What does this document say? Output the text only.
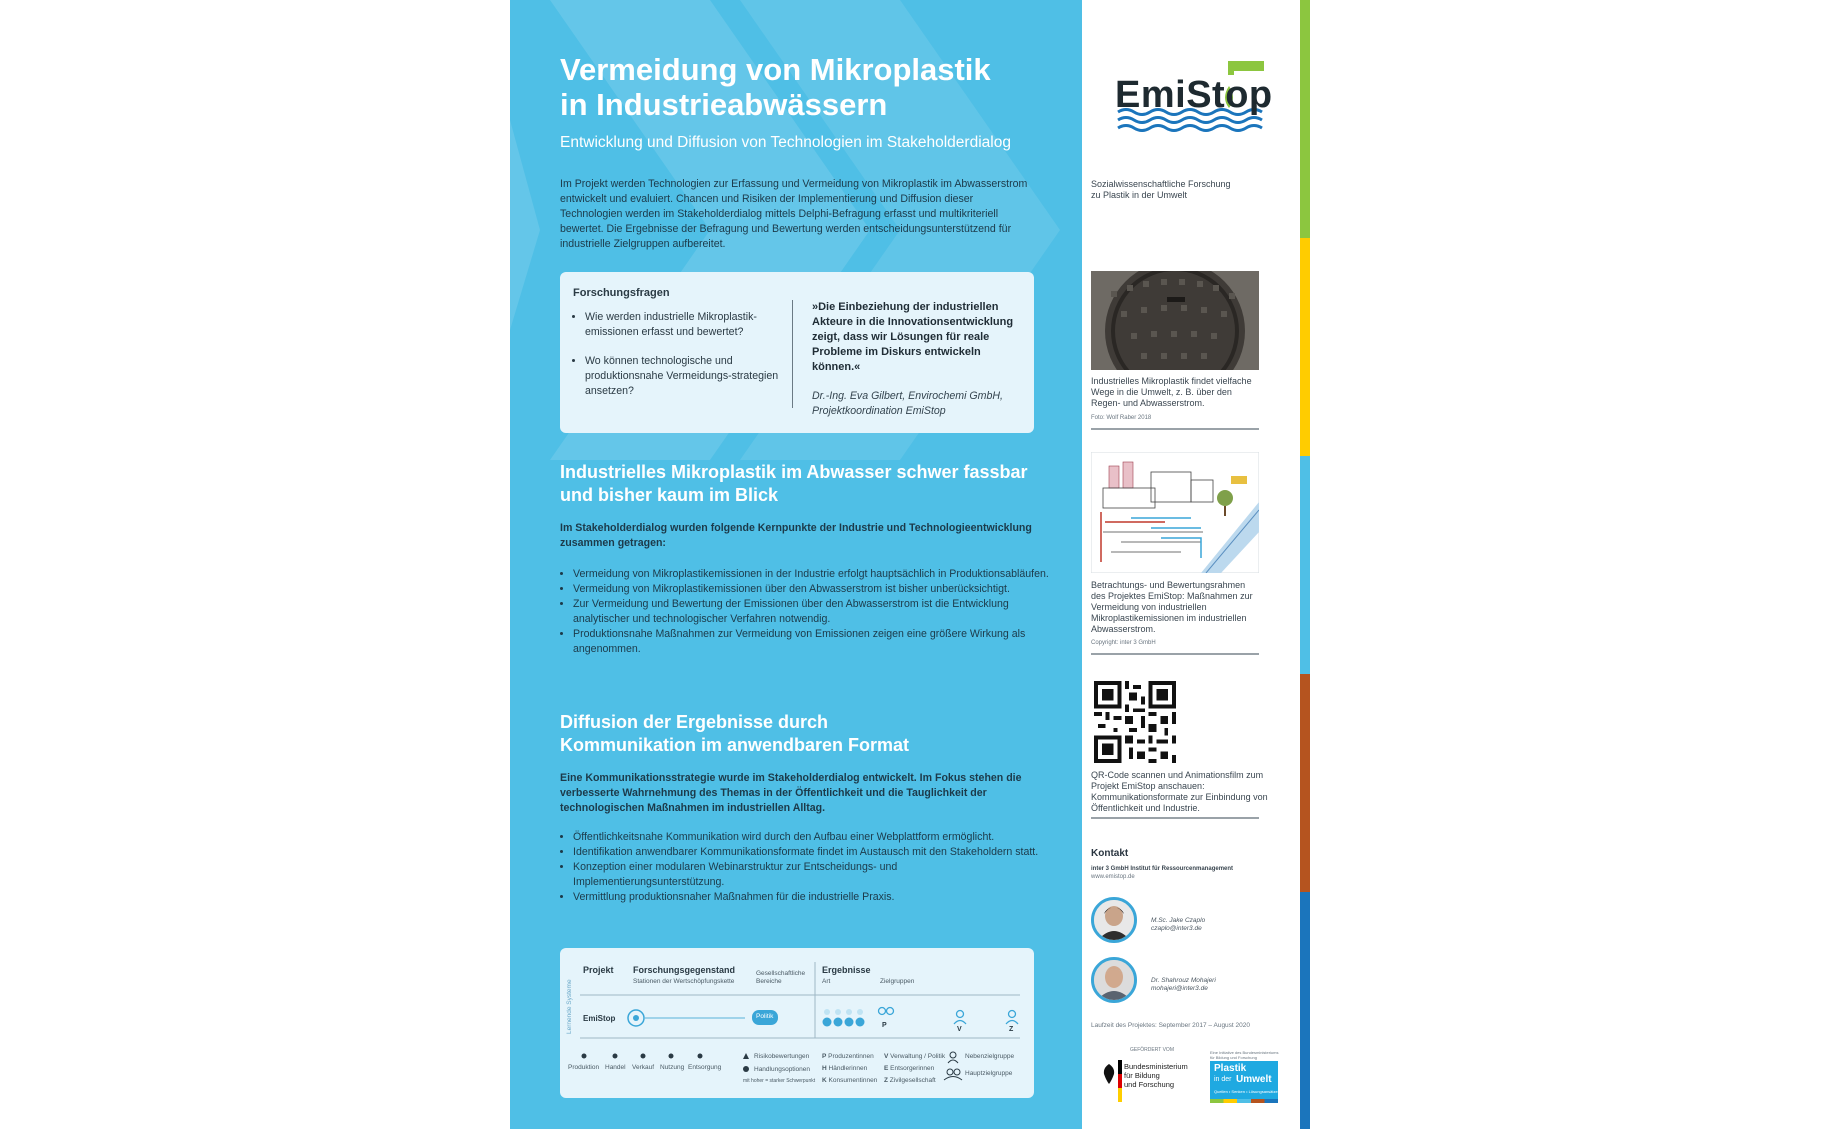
Vermeidung von Mikroplastik
in Industrieabwässern
Entwicklung und Diffusion von Technologien im Stakeholderdialog
Im Projekt werden Technologien zur Erfassung und Vermeidung von Mikroplastik im Abwasserstrom entwickelt und evaluiert. Chancen und Risiken der Implementierung und Diffusion dieser Technologien werden im Stakeholderdialog mittels Delphi-Befragung erfasst und multikriteriell bewertet. Die Ergebnisse der Befragung und Bewertung werden entscheidungsunterstützend für industrielle Zielgruppen aufbereitet.
Forschungsfragen
• Wie werden industrielle Mikroplastik-emissionen erfasst und bewertet?
• Wo können technologische und produktionsnahe Vermeidungs-strategien ansetzen?
»Die Einbeziehung der industriellen Akteure in die Innovationsentwicklung zeigt, dass wir Lösungen für reale Probleme im Diskurs entwickeln können.«
Dr.-Ing. Eva Gilbert, Envirochemi GmbH,
Projektkoordination EmiStop
Industrielles Mikroplastik im Abwasser schwer fassbar
und bisher kaum im Blick
Im Stakeholderdialog wurden folgende Kernpunkte der Industrie und Technologieentwicklung zusammen getragen:
• Vermeidung von Mikroplastikemissionen in der Industrie erfolgt hauptsächlich in Produktionsabläufen.
• Vermeidung von Mikroplastikemissionen über den Abwasserstrom ist bisher unberücksichtigt.
• Zur Vermeidung und Bewertung der Emissionen über den Abwasserstrom ist die Entwicklung analytischer und technologischer Verfahren notwendig.
• Produktionsnahe Maßnahmen zur Vermeidung von Emissionen zeigen eine größere Wirkung als angenommen.
Diffusion der Ergebnisse durch
Kommunikation im anwendbaren Format
Eine Kommunikationsstrategie wurde im Stakeholderdialog entwickelt. Im Fokus stehen die verbesserte Wahrnehmung des Themas in der Öffentlichkeit und die Tauglichkeit der technologischen Maßnahmen im industriellen Alltag.
• Öffentlichkeitsnahe Kommunikation wird durch den Aufbau einer Webplattform ermöglicht.
• Identifikation anwendbarer Kommunikationsformate findet im Austausch mit den Stakeholdern statt.
• Konzeption einer modularen Webinarstruktur zur Entscheidungs- und Implementierungsunterstützung.
• Vermittlung produktionsnaher Maßnahmen für die industrielle Praxis.
Projekt Forschungsgegenstand
Stationen der Wertschöpfungskette
Gesellschaftliche
Bereiche
Ergebnisse
Art	Zielgruppen
Lernende Systeme EmiStop	Politik
P
V	Z
Produktion Handel Verkauf Nutzung Entsorgung
Risikobewertungen
Handlungsoptionen
mit hoher = starker Schwerpunkt
P Produzentinnen
H Händlerinnen
K Konsumentinnen
V Verwaltung / Politik
E Entsorgerinnen
Z Zivilgesellschaft
Nebenzielgruppe
Hauptzielgruppe
EmiStop
Sozialwissenschaftliche Forschung
zu Plastik in der Umwelt
Industrielles Mikroplastik findet vielfache Wege in die Umwelt, z. B. über den Regen- und Abwasserstrom.
Foto: Wolf Raber 2018
Betrachtungs- und Bewertungsrahmen des Projektes EmiStop: Maßnahmen zur Vermeidung von industriellen Mikroplastikemissionen im industriellen Abwasserstrom.
Copyright: inter 3 GmbH
QR-Code scannen und Animationsfilm zum Projekt EmiStop anschauen: Kommunikationsformate zur Einbindung von Öffentlichkeit und Industrie.
Kontakt
inter 3 GmbH Institut für Ressourcenmanagement
www.emistop.de
M.Sc. Jake Czaplo
czaplo@inter3.de
Dr. Shahrouz Mohajeri
mohajeri@inter3.de
Laufzeit des Projektes: September 2017 – August 2020
GEFÖRDERT VOM
Bundesministerium
für Bildung
und Forschung
Eine Initiative des Bundesministeriums für Bildung und Forschung
Plastik
in der Umwelt
Quellen • Senken • Lösungsansätze
